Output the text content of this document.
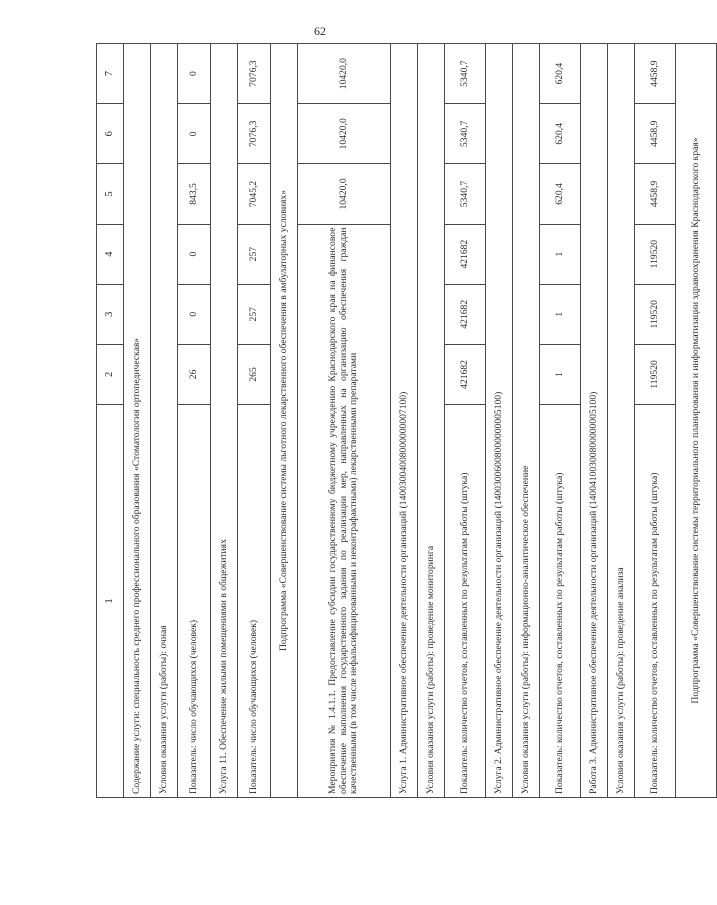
62
1	2	3	4	5	6	7
Содержание услуги: специальность среднего профессионального образования «Стоматология ортопедическая»						
Условия оказания услуги (работы): очная						
Показатель: число обучающихся (человек)	26	0	0	843,5	0	0
Услуга 11. Обеспечение жилыми помещениями в общежитиях						
Показатель: число обучающихся (человек)	265	257	257	7045,2	7076,3	7076,3
Подпрограмма «Совершенствование системы льготного лекарственного обеспечения в амбулаторных условиях»						
Мероприятия № 1.4.1.1. Предоставление субсидии государственному бюджетному учреждению Краснодарского края на финансовое обеспечение выполнения государственного задания по реализации мер, направленных на организацию обеспечения граждан качественными (в том числе нефальсифицированными и неконтрафактными) лекарственными препаратами				10420,0	10420,0	10420,0
Услуга 1. Административное обеспечение деятельности организаций (14003004008000000007100)						
Условия оказания услуги (работы): проведение мониторинга						
Показатель: количество отчетов, составленных по результатам работы (штука)	421682	421682	421682	5340,7	5340,7	5340,7
Услуга 2. Административное обеспечение деятельности организаций (14003006008000000005100)						
Условия оказания услуги (работы): информационно-аналитическое обеспечение						
Показатель: количество отчетов, составленных по результатам работы (штука)	1	1	1	620,4	620,4	620,4
Работа 3. Административное обеспечение деятельности организаций (14004100300800000005100)						
Условия оказания услуги (работы): проведение анализа						
Показатель: количество отчетов, составленных по результатам работы (штука)	119520	119520	119520	4458,9	4458,9	4458,9
Подпрограмма «Совершенствование системы территориального планирования и информатизации здравоохранения Краснодарского края»						
